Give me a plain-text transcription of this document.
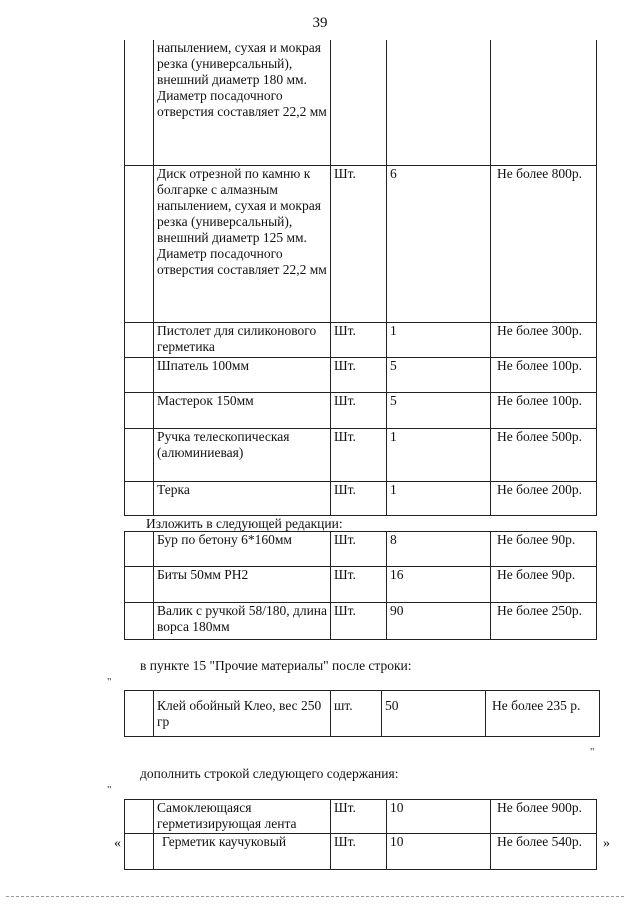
39
	напылением, сухая и мокрая резка (универсальный), внешний диаметр 180 мм. Диаметр посадочного отверстия составляет 22,2 мм			
	Диск отрезной по камню к болгарке с алмазным напылением, сухая и мокрая резка (универсальный), внешний диаметр 125 мм. Диаметр посадочного отверстия составляет 22,2 мм	Шт.	6	Не более 800р.
	Пистолет для силиконового герметика	Шт.	1	Не более 300р.
	Шпатель 100мм	Шт.	5	Не более 100р.
	Мастерок 150мм	Шт.	5	Не более 100р.
	Ручка телескопическая (алюминиевая)	Шт.	1	Не более 500р.
	Терка	Шт.	1	Не более 200р.
Изложить в следующей редакции:
	Бур по бетону 6*160мм	Шт.	8	Не более 90р.
	Биты 50мм PH2	Шт.	16	Не более 90р.
	Валик с ручкой 58/180, длина ворса 180мм	Шт.	90	Не более 250р.
в пункте 15 "Прочие материалы" после строки:
"
	Клей обойный Клео, вес 250 гр	шт.	50	Не более 235 р.
"
дополнить строкой следующего содержания:
"
	Самоклеющаяся герметизирующая лента	Шт.	10	Не более 900р.
	Герметик каучуковый	Шт.	10	Не более 540р.
«	»
